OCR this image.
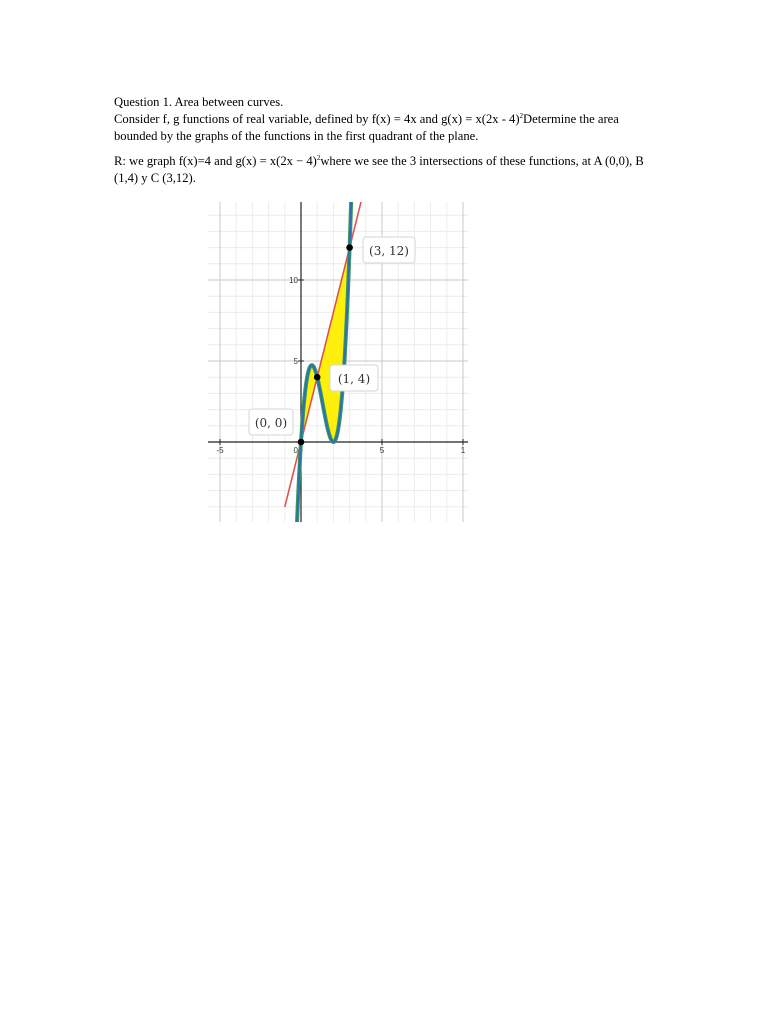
Question 1. Area between curves.

Consider f, g functions of real variable, defined by f(x) = 4x and g(x) = x(2x - 4)$^2$Determine the area bounded by the graphs of the functions in the first quadrant of the plane.

R: we graph f(x)=4 and $g(x) = x(2x - 4)^2where$ we see the 3 intersections of these functions, at A (0,0), B (1,4) y C (3,12).

-5	0	5	1
5
10
(0, 0)
(1, 4)
(3, 12)
